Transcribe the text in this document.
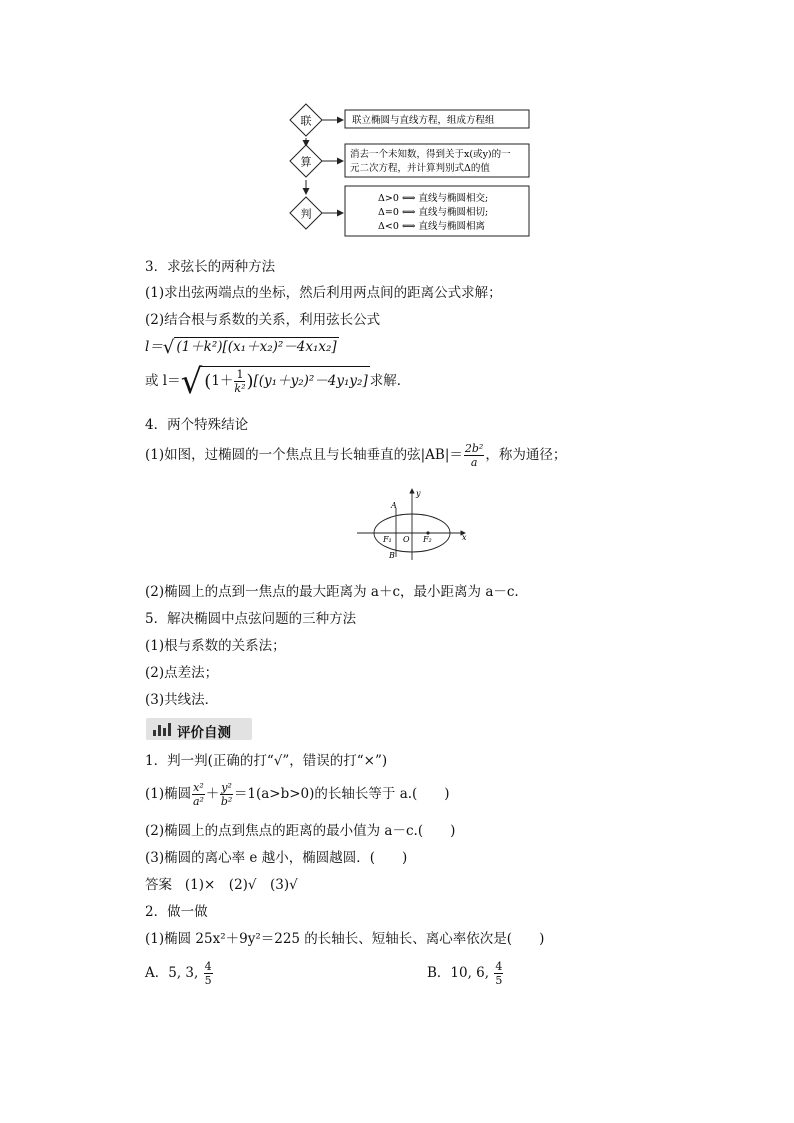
联
算
判
联立椭圆与直线方程，组成方程组
消去一个未知数，得到关于x(或y)的一
元二次方程，并计算判别式Δ的值
Δ>0 ⟺ 直线与椭圆相交;
Δ=0 ⟺ 直线与椭圆相切;
Δ<0 ⟺ 直线与椭圆相离
3．求弦长的两种方法
(1)求出弦两端点的坐标，然后利用两点间的距离公式求解；
(2)结合根与系数的关系，利用弦长公式
l＝√ (1＋k²)[(x₁＋x₂)²－4x₁x₂]
或 l＝√ $(1+ \frac{1}{\text{k²}} )[(y_1+y_2)^2-4y_1y_2]$ 求解．
4．两个特殊结论
(1)如图，过椭圆的一个焦点且与长轴垂直的弦$|AB|= \frac{\text{2b²}}{a}$ ，称为通径；
A
B
O
F₁	F₂	x
y
(2)椭圆上的点到一焦点的最大距离为 a＋c，最小距离为 a－c.
5．解决椭圆中点弦问题的三种方法
(1)根与系数的关系法；
(2)点差法；
(3)共线法．
评价自测
1．判一判(正确的打“√”，错误的打“×”)
(1)椭圆 $\frac{\text{x²}}{\text{a²}} + \frac{\text{y²}}{\text{b²}} =1(a>b>0)$的长轴长等于 a.(　　)
(2)椭圆上的点到焦点的距离的最小值为 a－c.(　　)
(3)椭圆的离心率 e 越小，椭圆越圆．(　　)
答案 (1)×　(2)√　(3)√
2．做一做
(1)椭圆 25x²＋9y²＝225 的长轴长、短轴长、离心率依次是(　　)
A．5, 3, $\frac{4}{5}$	B．10, 6, $\frac{4}{5}$
